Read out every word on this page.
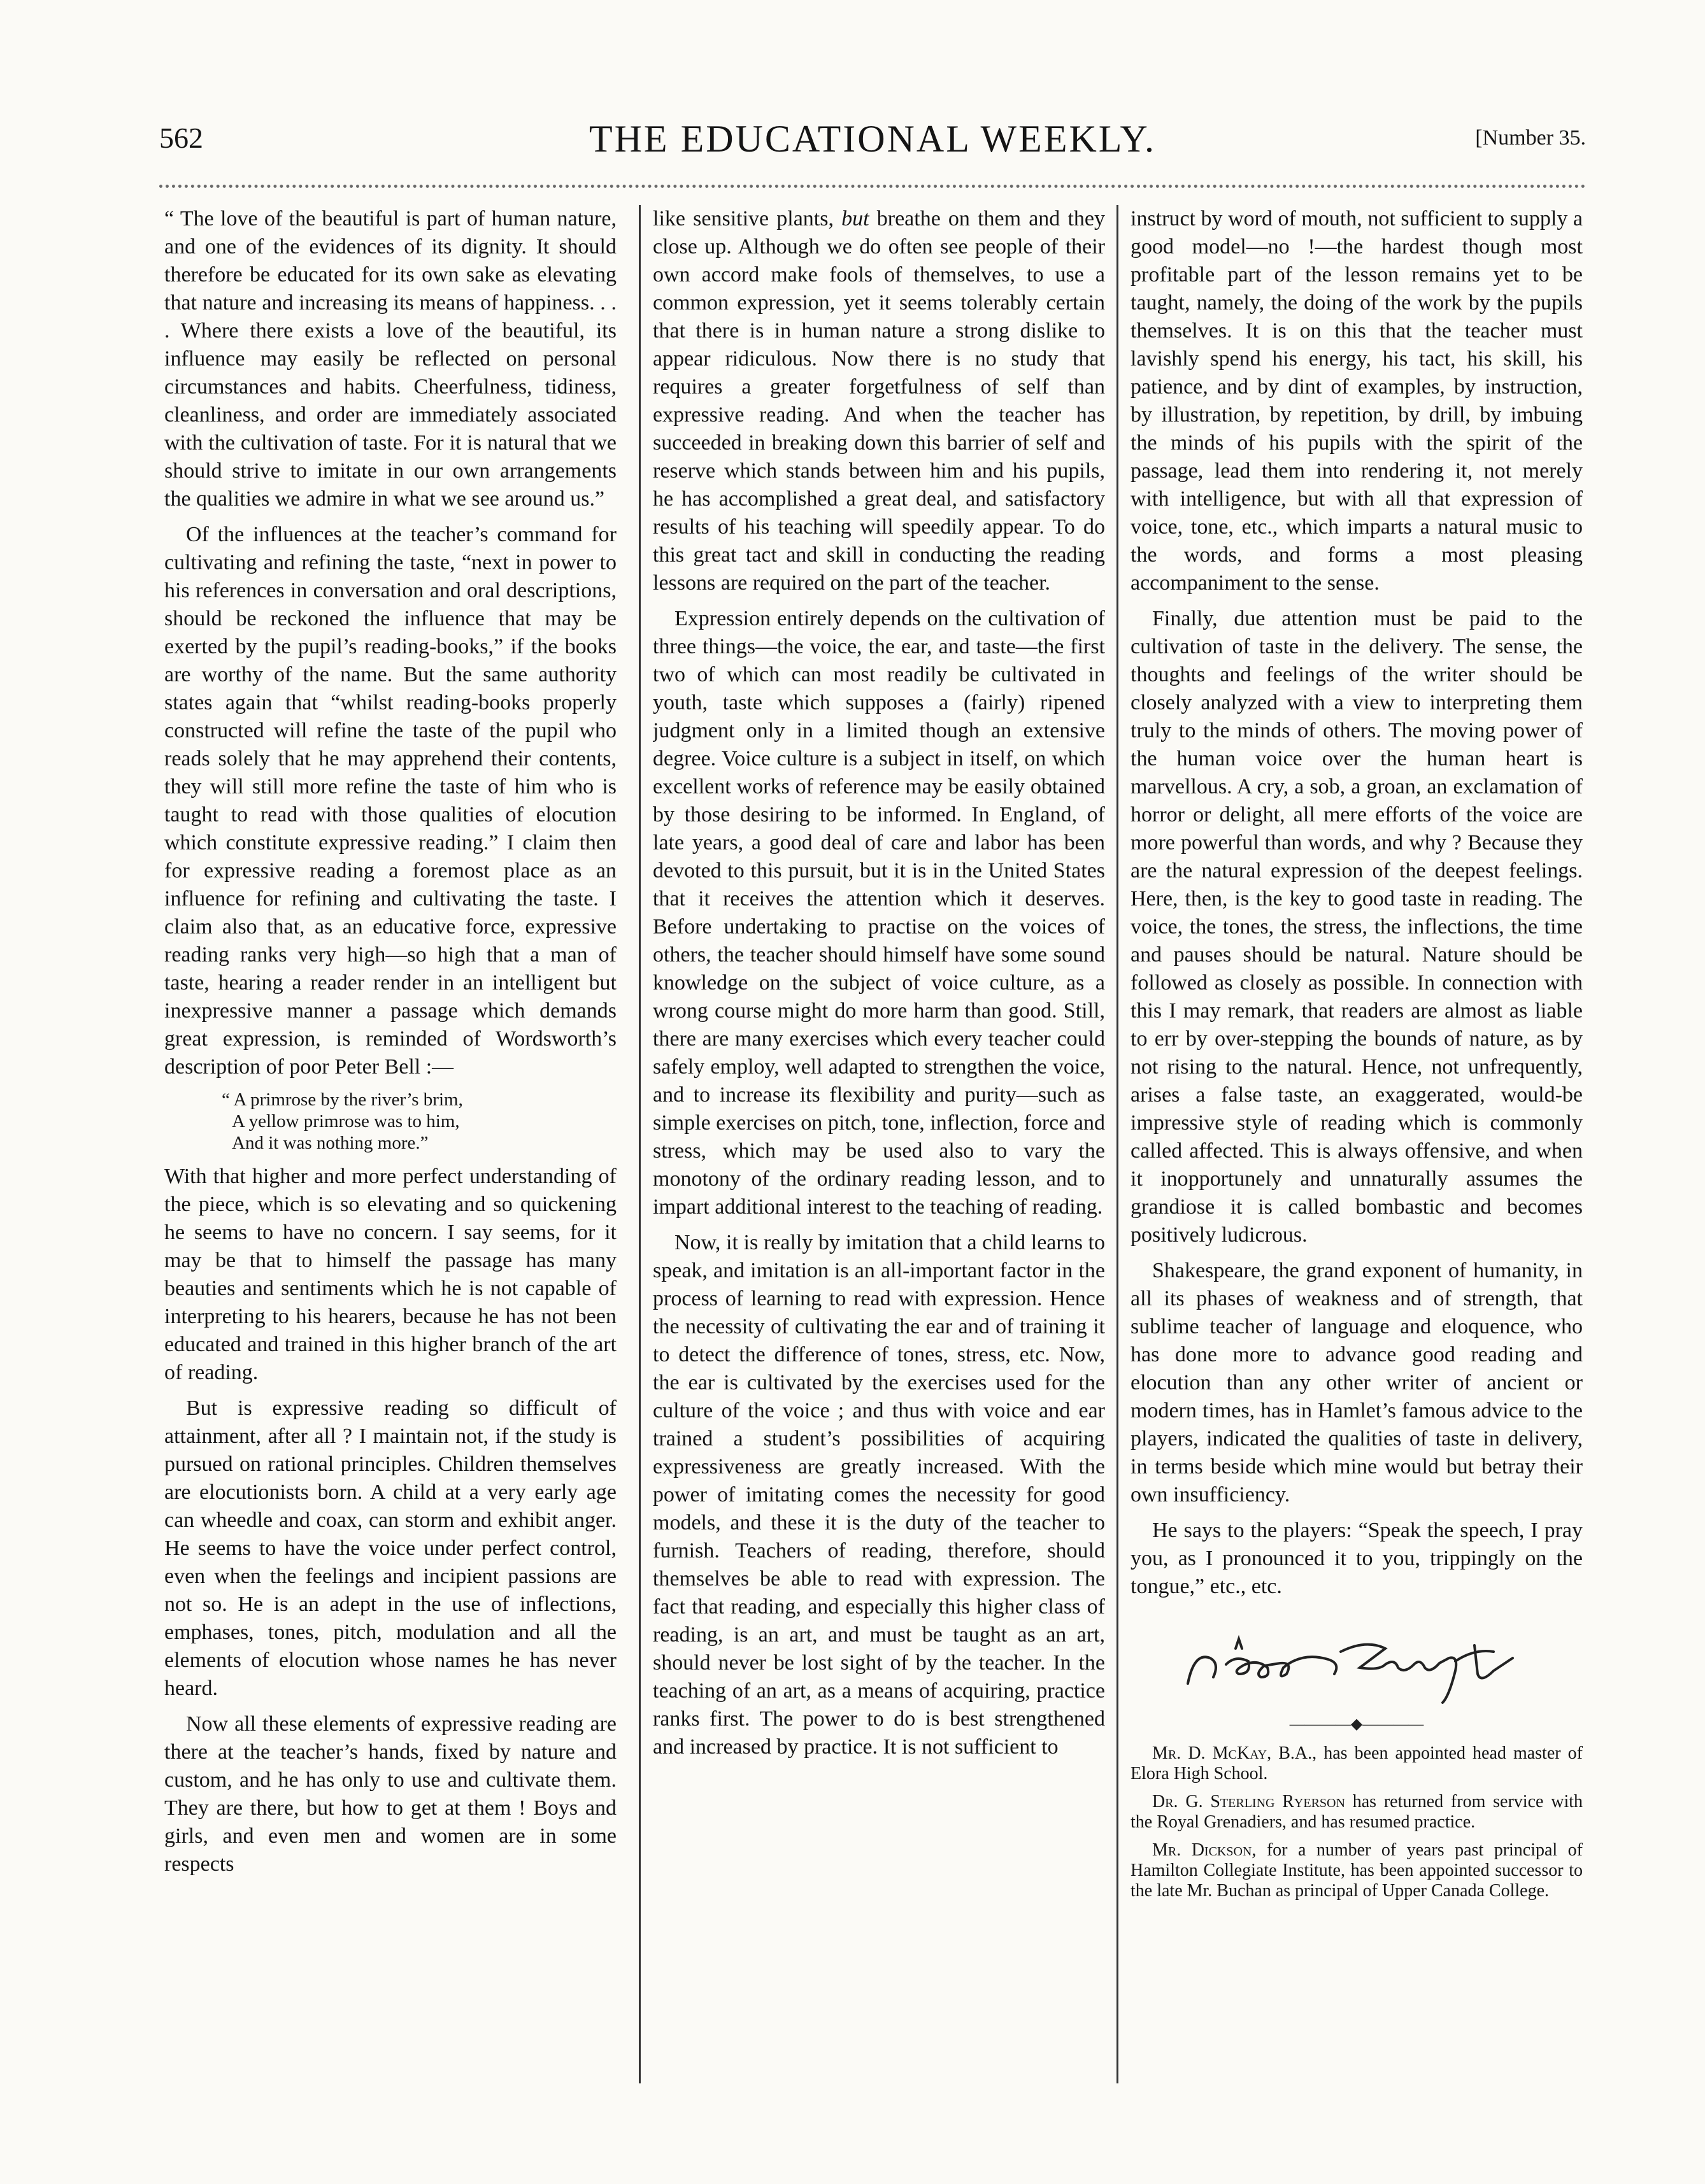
562	THE EDUCATIONAL WEEKLY.	[Number 35.

“ The love of the beautiful is part of human nature, and one of the evidences of its dignity. It should therefore be educated for its own sake as elevating that nature and increasing its means of happiness. . . . Where there exists a love of the beautiful, its influence may easily be reflected on personal circumstances and habits. Cheerfulness, tidiness, cleanliness, and order are immediately associated with the cultivation of taste. For it is natural that we should strive to imitate in our own arrangements the qualities we admire in what we see around us.”

Of the influences at the teacher’s command for cultivating and refining the taste, “next in power to his references in conversation and oral descriptions, should be reckoned the influence that may be exerted by the pupil’s reading-books,” if the books are worthy of the name. But the same authority states again that “whilst reading-books properly constructed will refine the taste of the pupil who reads solely that he may apprehend their contents, they will still more refine the taste of him who is taught to read with those qualities of elocution which constitute expressive reading.” I claim then for expressive reading a foremost place as an influence for refining and cultivating the taste. I claim also that, as an educative force, expressive reading ranks very high—so high that a man of taste, hearing a reader render in an intelligent but inexpressive manner a passage which demands great expression, is reminded of Wordsworth’s description of poor Peter Bell :—

“ A primrose by the river’s brim,
A yellow primrose was to him,
And it was nothing more.”

With that higher and more perfect understanding of the piece, which is so elevating and so quickening he seems to have no concern. I say seems, for it may be that to himself the passage has many beauties and sentiments which he is not capable of interpreting to his hearers, because he has not been educated and trained in this higher branch of the art of reading.

But is expressive reading so difficult of attainment, after all ? I maintain not, if the study is pursued on rational principles. Children themselves are elocutionists born. A child at a very early age can wheedle and coax, can storm and exhibit anger. He seems to have the voice under perfect control, even when the feelings and incipient passions are not so. He is an adept in the use of inflections, emphases, tones, pitch, modulation and all the elements of elocution whose names he has never heard.

Now all these elements of expressive reading are there at the teacher’s hands, fixed by nature and custom, and he has only to use and cultivate them. They are there, but how to get at them ! Boys and girls, and even men and women are in some respects

like sensitive plants, but breathe on them and they close up. Although we do often see people of their own accord make fools of themselves, to use a common expression, yet it seems tolerably certain that there is in human nature a strong dislike to appear ridiculous. Now there is no study that requires a greater forgetfulness of self than expressive reading. And when the teacher has succeeded in breaking down this barrier of self and reserve which stands between him and his pupils, he has accomplished a great deal, and satisfactory results of his teaching will speedily appear. To do this great tact and skill in conducting the reading lessons are required on the part of the teacher.

Expression entirely depends on the cultivation of three things—the voice, the ear, and taste—the first two of which can most readily be cultivated in youth, taste which supposes a (fairly) ripened judgment only in a limited though an extensive degree. Voice culture is a subject in itself, on which excellent works of reference may be easily obtained by those desiring to be informed. In England, of late years, a good deal of care and labor has been devoted to this pursuit, but it is in the United States that it receives the attention which it deserves. Before undertaking to practise on the voices of others, the teacher should himself have some sound knowledge on the subject of voice culture, as a wrong course might do more harm than good. Still, there are many exercises which every teacher could safely employ, well adapted to strengthen the voice, and to increase its flexibility and purity—such as simple exercises on pitch, tone, inflection, force and stress, which may be used also to vary the monotony of the ordinary reading lesson, and to impart additional interest to the teaching of reading.

Now, it is really by imitation that a child learns to speak, and imitation is an all-important factor in the process of learning to read with expression. Hence the necessity of cultivating the ear and of training it to detect the difference of tones, stress, etc. Now, the ear is cultivated by the exercises used for the culture of the voice ; and thus with voice and ear trained a student’s possibilities of acquiring expressiveness are greatly increased. With the power of imitating comes the necessity for good models, and these it is the duty of the teacher to furnish. Teachers of reading, therefore, should themselves be able to read with expression. The fact that reading, and especially this higher class of reading, is an art, and must be taught as an art, should never be lost sight of by the teacher. In the teaching of an art, as a means of acquiring, practice ranks first. The power to do is best strengthened and increased by practice. It is not sufficient to

instruct by word of mouth, not sufficient to supply a good model—no !—the hardest though most profitable part of the lesson remains yet to be taught, namely, the doing of the work by the pupils themselves. It is on this that the teacher must lavishly spend his energy, his tact, his skill, his patience, and by dint of examples, by instruction, by illustration, by repetition, by drill, by imbuing the minds of his pupils with the spirit of the passage, lead them into rendering it, not merely with intelligence, but with all that expression of voice, tone, etc., which imparts a natural music to the words, and forms a most pleasing accompaniment to the sense.

Finally, due attention must be paid to the cultivation of taste in the delivery. The sense, the thoughts and feelings of the writer should be closely analyzed with a view to interpreting them truly to the minds of others. The moving power of the human voice over the human heart is marvellous. A cry, a sob, a groan, an exclamation of horror or delight, all mere efforts of the voice are more powerful than words, and why ? Because they are the natural expression of the deepest feelings. Here, then, is the key to good taste in reading. The voice, the tones, the stress, the inflections, the time and pauses should be natural. Nature should be followed as closely as possible. In connection with this I may remark, that readers are almost as liable to err by over-stepping the bounds of nature, as by not rising to the natural. Hence, not unfrequently, arises a false taste, an exaggerated, would-be impressive style of reading which is commonly called affected. This is always offensive, and when it inopportunely and unnaturally assumes the grandiose it is called bombastic and becomes positively ludicrous.

Shakespeare, the grand exponent of humanity, in all its phases of weakness and of strength, that sublime teacher of language and eloquence, who has done more to advance good reading and elocution than any other writer of ancient or modern times, has in Hamlet’s famous advice to the players, indicated the qualities of taste in delivery, in terms beside which mine would but betray their own insufficiency.

He says to the players: “Speak the speech, I pray you, as I pronounced it to you, trippingly on the tongue,” etc., etc.

————◆————

Mr. D. McKay, B.A., has been appointed head master of Elora High School.

Dr. G. Sterling Ryerson has returned from service with the Royal Grenadiers, and has resumed practice.

Mr. Dickson, for a number of years past principal of Hamilton Collegiate Institute, has been appointed successor to the late Mr. Buchan as principal of Upper Canada College.
